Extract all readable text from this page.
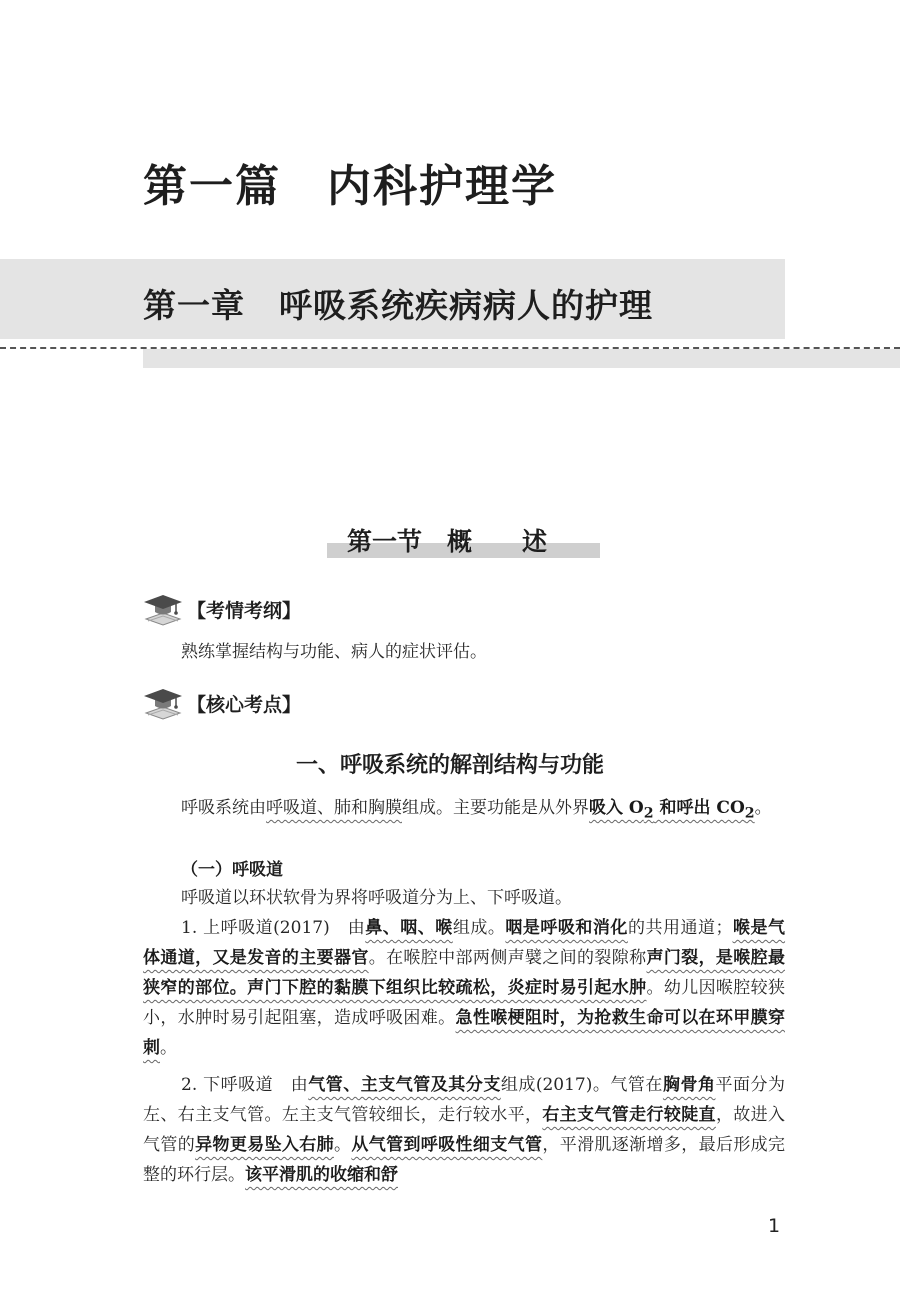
第一篇　内科护理学
第一章　呼吸系统疾病病人的护理
第一节　概　　述
【考情考纲】

熟练掌握结构与功能、病人的症状评估。

【核心考点】
一、呼吸系统的解剖结构与功能

呼吸系统由呼吸道、肺和胸膜组成。主要功能是从外界吸入 $O_2$ 和呼出 $CO_2$。

（一）呼吸道

呼吸道以环状软骨为界将呼吸道分为上、下呼吸道。

1. 上呼吸道(2017)　由鼻、咽、喉组成。咽是呼吸和消化的共用通道；喉是气体通道，又是发音的主要器官。在喉腔中部两侧声襞之间的裂隙称声门裂，是喉腔最狭窄的部位。声门下腔的黏膜下组织比较疏松，炎症时易引起水肿。幼儿因喉腔较狭小，水肿时易引起阻塞，造成呼吸困难。急性喉梗阻时，为抢救生命可以在环甲膜穿刺。

2. 下呼吸道　由气管、主支气管及其分支组成(2017)。气管在胸骨角平面分为左、右主支气管。左主支气管较细长，走行较水平，右主支气管走行较陡直，故进入气管的异物更易坠入右肺。从气管到呼吸性细支气管，平滑肌逐渐增多，最后形成完整的环行层。该平滑肌的收缩和舒

1
